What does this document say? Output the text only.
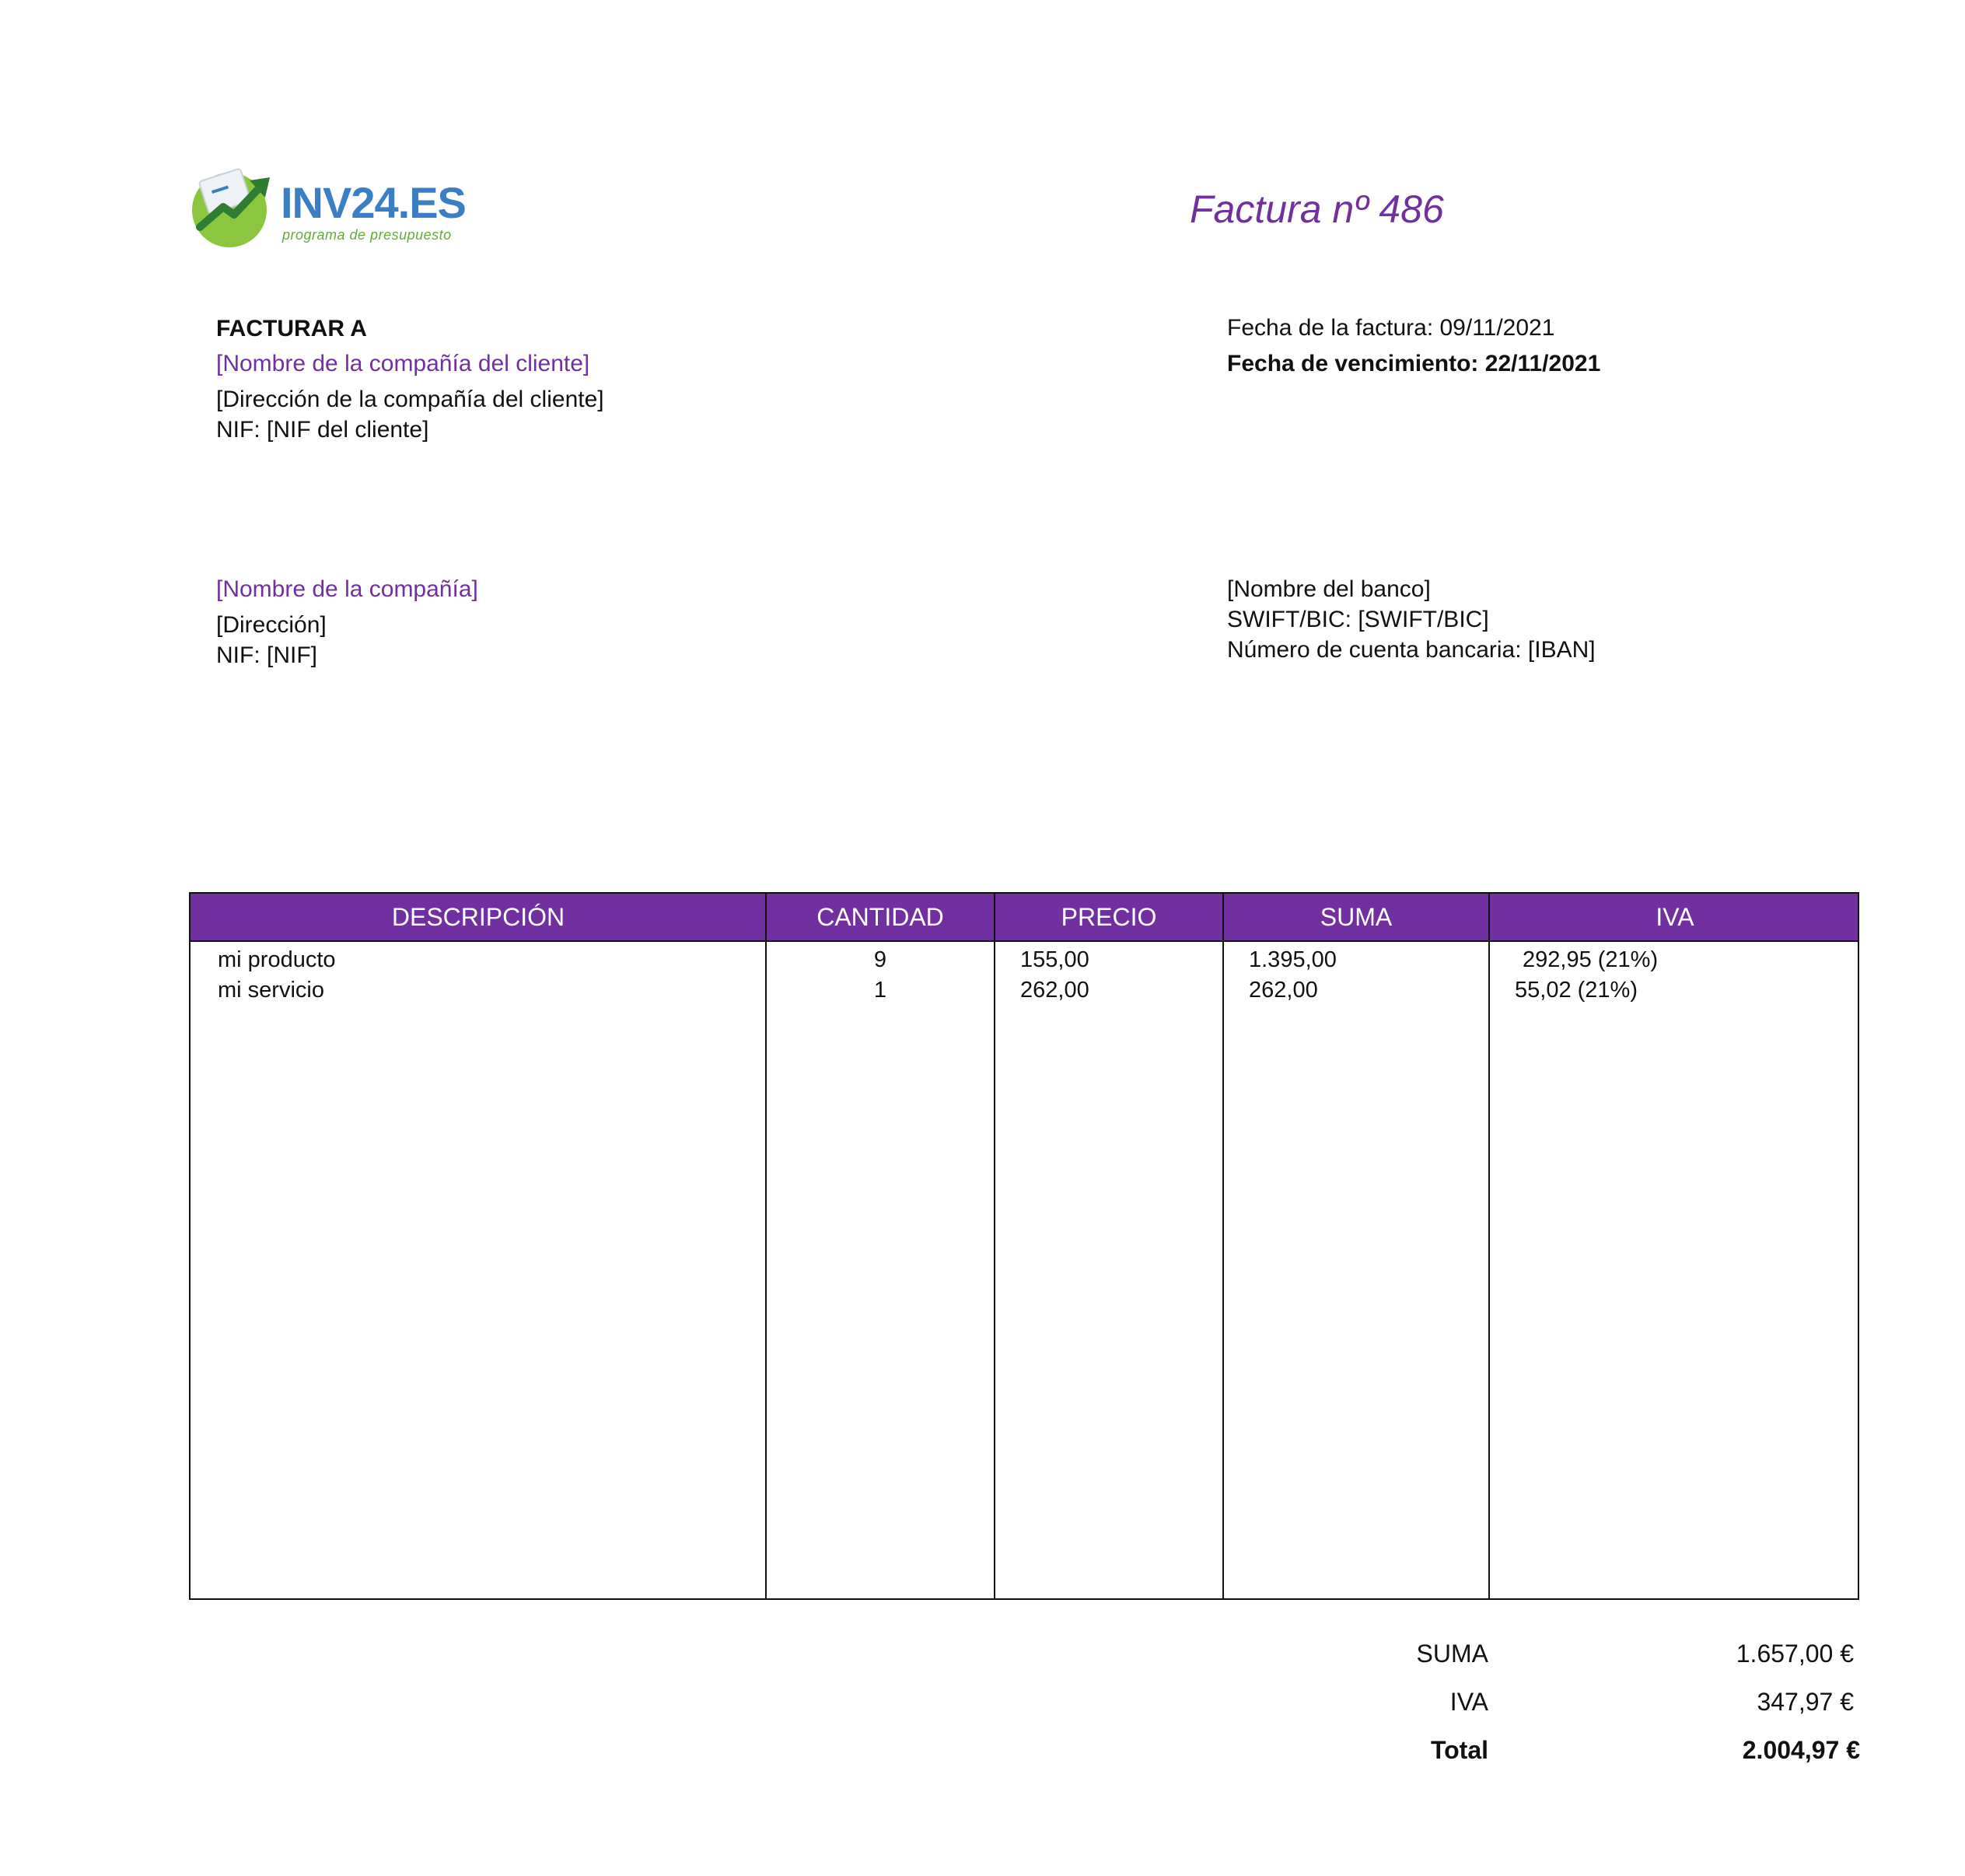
INV24.ES
programa de presupuesto
Factura nº 486
FACTURAR A
[Nombre de la compañía del cliente]
[Dirección de la compañía del cliente]
NIF: [NIF del cliente]
Fecha de la factura: 09/11/2021
Fecha de vencimiento: 22/11/2021
[Nombre de la compañía]
[Dirección]
NIF: [NIF]
[Nombre del banco]
SWIFT/BIC: [SWIFT/BIC]
Número de cuenta bancaria: [IBAN]
DESCRIPCIÓN	CANTIDAD	PRECIO	SUMA	IVA
mi producto	9	155,00	1.395,00	292,95 (21%)
mi servicio	1	262,00	262,00	55,02 (21%)
SUMA	1.657,00 €
IVA	347,97 €
Total	2.004,97 €
